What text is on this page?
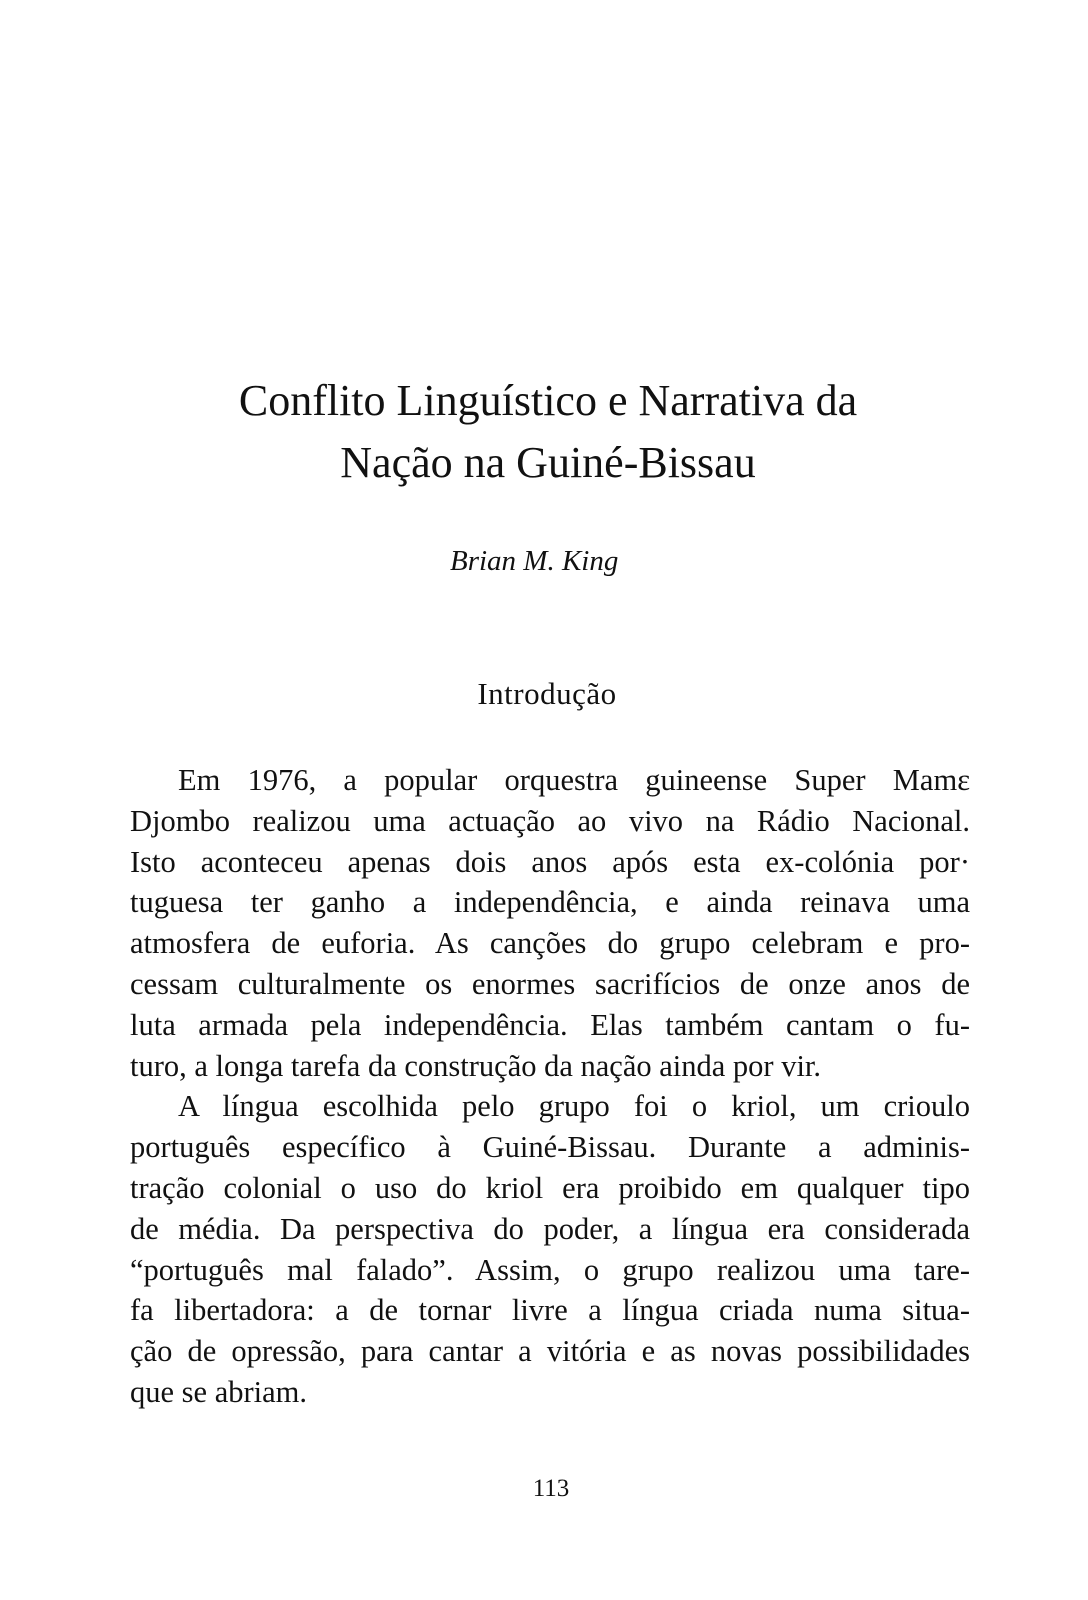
Conflito Linguístico e Narrativa da
Nação na Guiné-Bissau

Brian M. King

Introdução
Em 1976, a popular orquestra guineense Super Mamɛ
Djombo realizou uma actuação ao vivo na Rádio Nacional.
Isto aconteceu apenas dois anos após esta ex-colónia por·
tuguesa ter ganho a independência, e ainda reinava uma
atmosfera de euforia. As canções do grupo celebram e pro-
cessam culturalmente os enormes sacrifícios de onze anos de
luta armada pela independência. Elas também cantam o fu-
turo, a longa tarefa da construção da nação ainda por vir.
A língua escolhida pelo grupo foi o kriol, um crioulo
português específico à Guiné-Bissau. Durante a adminis-
tração colonial o uso do kriol era proibido em qualquer tipo
de média. Da perspectiva do poder, a língua era considerada
“português mal falado”. Assim, o grupo realizou uma tare-
fa libertadora: a de tornar livre a língua criada numa situa-
ção de opressão, para cantar a vitória e as novas possibilidades
que se abriam.

113
